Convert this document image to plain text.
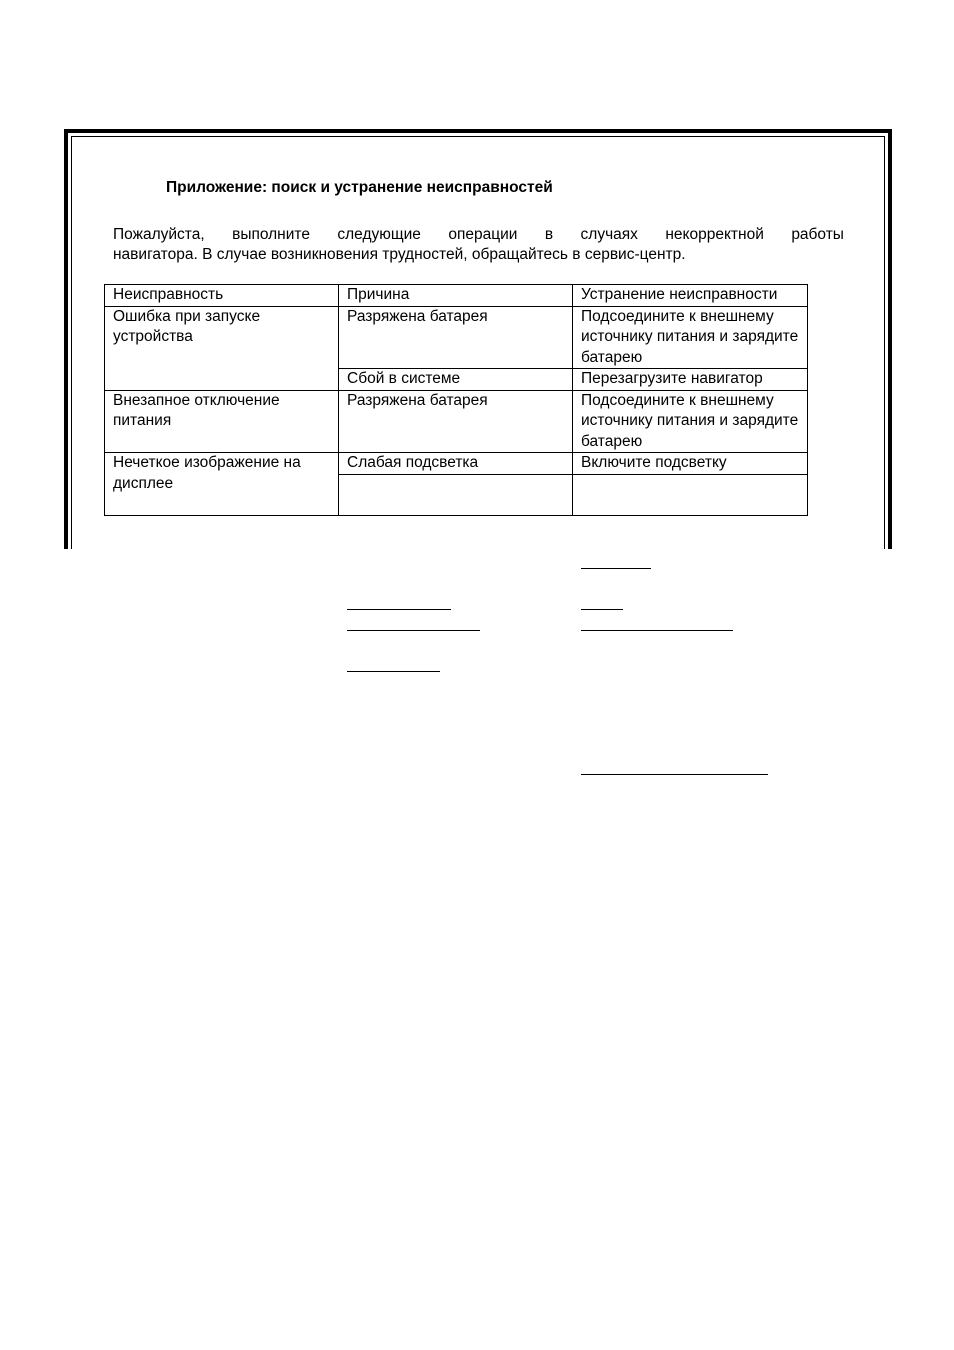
Приложение: поиск и устранение неисправностей
Пожалуйста, выполните следующие операции в случаях некорректной работы
навигатора. В случае возникновения трудностей, обращайтесь в сервис-центр.
Неисправность	Причина	Устранение неисправности
Ошибка при запуске устройства	Разряжена батарея	Подсоедините к внешнему источнику питания и зарядите батарею
	Сбой в системе	Перезагрузите навигатор
Внезапное отключение питания	Разряжена батарея	Подсоедините к внешнему источнику питания и зарядите батарею
Нечеткое изображение на дисплее	Слабая подсветка	Включите подсветку
